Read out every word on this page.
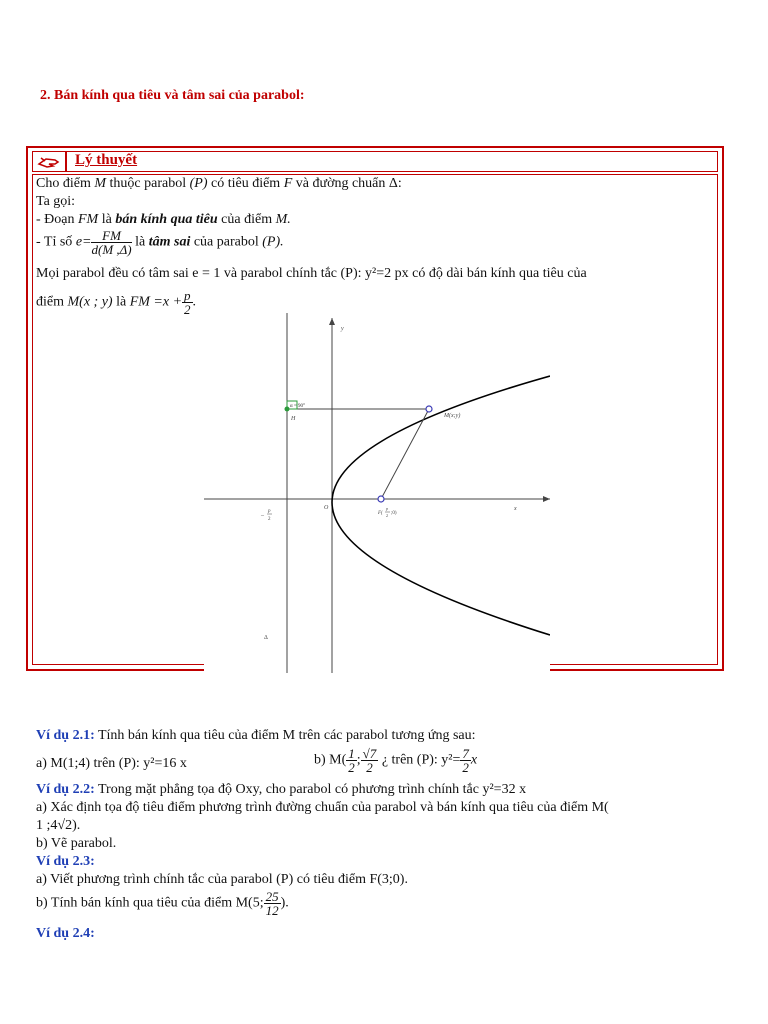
2. Bán kính qua tiêu và tâm sai của parabol:
Lý thuyết
Cho điểm M thuộc parabol (P) có tiêu điểm F và đường chuẩn Δ:
Ta gọi:
- Đoạn FM là bán kính qua tiêu của điểm M.
- Tỉ số $e= \frac{FM}{d(M ,\Delta)}$ là tâm sai của parabol (P).
Mọi parabol đều có tâm sai e = 1 và parabol chính tắc (P): y²=2 px có độ dài bán kính qua tiêu của
điểm M(x ; y) là FM $=x + \frac{p}{2}$ .
α = 90°
y
x
O
H	M(x;y)
F(
p
2 ;0)
–
p
2
Δ
Ví dụ 2.1: Tính bán kính qua tiêu của điểm M trên các parabol tương ứng sau:
a) M(1;4) trên (P): y²=16 x	b) $M( \frac{1}{2}$ ; $\frac{√7}{2}$ ¿ trên (P): $y^2= \frac{7}{2}$ x
Ví dụ 2.2: Trong mặt phẳng tọa độ Oxy, cho parabol có phương trình chính tắc y²=32 x
a) Xác định tọa độ tiêu điểm phương trình đường chuẩn của parabol và bán kính qua tiêu của điểm M(
1 ;4√2).
b) Vẽ parabol.
Ví dụ 2.3:
a) Viết phương trình chính tắc của parabol (P) có tiêu điểm F(3;0).
b) Tính bán kính qua tiêu của điểm M(5; $\frac{25}{12}$ ).
Ví dụ 2.4:
